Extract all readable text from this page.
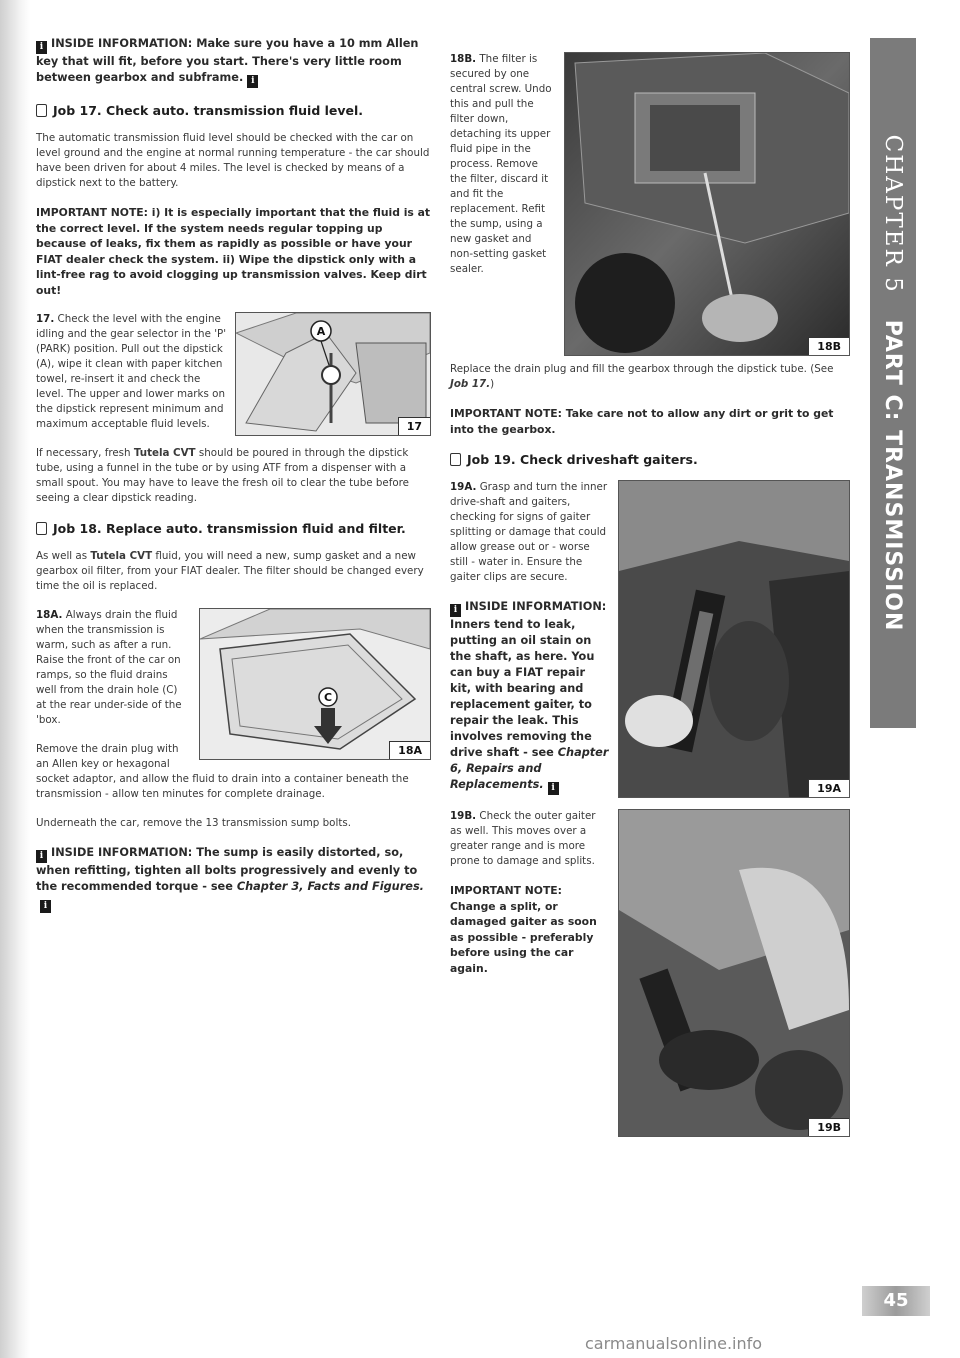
i INSIDE INFORMATION: Make sure you have a 10 mm Allen key that will fit, before you start. There's very little room between gearbox and subframe. i

Job 17. Check auto. transmission fluid level.

The automatic transmission fluid level should be checked with the car on level ground and the engine at normal running temperature - the car should have been driven for about 4 miles. The level is checked by means of a dipstick next to the battery.

IMPORTANT NOTE: i) It is especially important that the fluid is at the correct level. If the system needs regular topping up because of leaks, fix them as rapidly as possible or have your FIAT dealer check the system. ii) Wipe the dipstick only with a lint-free rag to avoid clogging up transmission valves. Keep dirt out!

A
17

17. Check the level with the engine idling and the gear selector in the 'P' (PARK) position. Pull out the dipstick (A), wipe it clean with paper kitchen towel, re-insert it and check the level. The upper and lower marks on the dipstick represent minimum and maximum acceptable fluid levels.

If necessary, fresh Tutela CVT should be poured in through the dipstick tube, using a funnel in the tube or by using ATF from a dispenser with a small spout. You may have to leave the fresh oil to clear the tube before seeing a clear dipstick reading.

Job 18. Replace auto. transmission fluid and filter.

As well as Tutela CVT fluid, you will need a new, sump gasket and a new gearbox oil filter, from your FIAT dealer. The filter should be changed every time the oil is replaced.

C
18A

18A. Always drain the fluid when the transmission is warm, such as after a run. Raise the front of the car on ramps, so the fluid drains well from the drain hole (C) at the rear under-side of the 'box.

Remove the drain plug with an Allen key or hexagonal socket adaptor, and allow the fluid to drain into a container beneath the transmission - allow ten minutes for complete drainage.

Underneath the car, remove the 13 transmission sump bolts.

i INSIDE INFORMATION: The sump is easily distorted, so, when refitting, tighten all bolts progressively and evenly to the recommended torque - see Chapter 3, Facts and Figures.i

18B

18B. The filter is secured by one central screw. Undo this and pull the filter down, detaching its upper fluid pipe in the process. Remove the filter, discard it and fit the replacement. Refit the sump, using a new gasket and non-setting gasket sealer.

Replace the drain plug and fill the gearbox through the dipstick tube. (See Job 17.)

IMPORTANT NOTE: Take care not to allow any dirt or grit to get into the gearbox.

Job 19. Check driveshaft gaiters.
19A

19A. Grasp and turn the inner drive-shaft and gaiters, checking for signs of gaiter splitting or damage that could allow grease out or - worse still - water in. Ensure the gaiter clips are secure.

i INSIDE INFORMATION: Inners tend to leak, putting an oil stain on the shaft, as here. You can buy a FIAT repair kit, with bearing and replacement gaiter, to repair the leak. This involves removing the drive shaft - see Chapter 6, Repairs and Replacements. i

19B

19B. Check the outer gaiter as well. This moves over a greater range and is more prone to damage and splits.

IMPORTANT NOTE: Change a split, or damaged gaiter as soon as possible - preferably before using the car again.

CHAPTER 5PART C: TRANSMISSION
45
carmanualsonline.info
